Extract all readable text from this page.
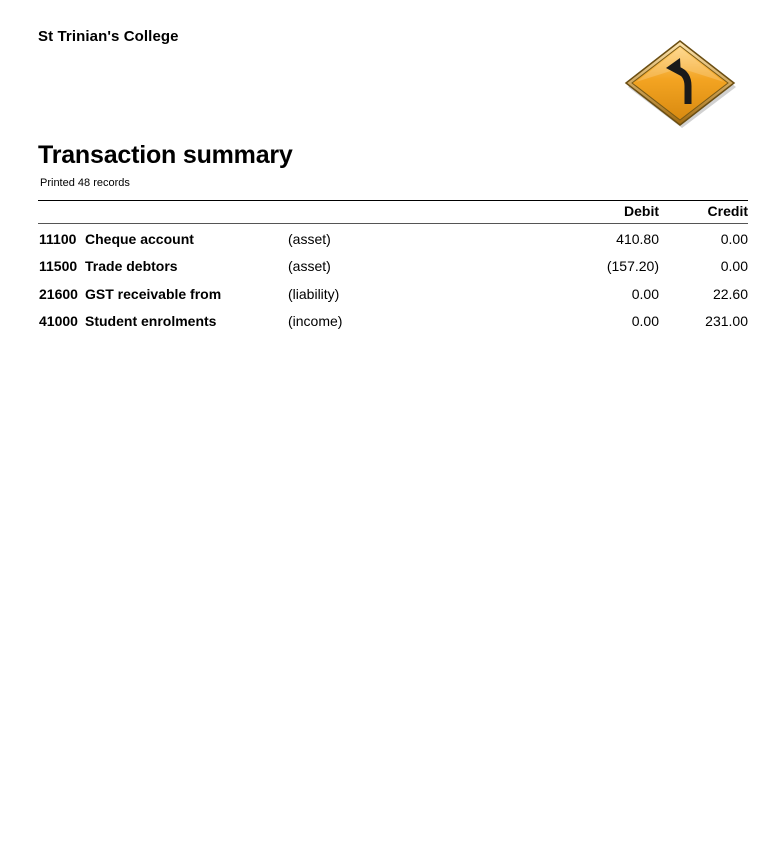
St Trinian's College
Transaction summary
Printed 48 records
Debit	Credit
11100 Cheque account	(asset)	410.80	0.00
11500 Trade debtors	(asset)	(157.20)	0.00
21600 GST receivable from	(liability)	0.00	22.60
41000 Student enrolments	(income)	0.00	231.00
